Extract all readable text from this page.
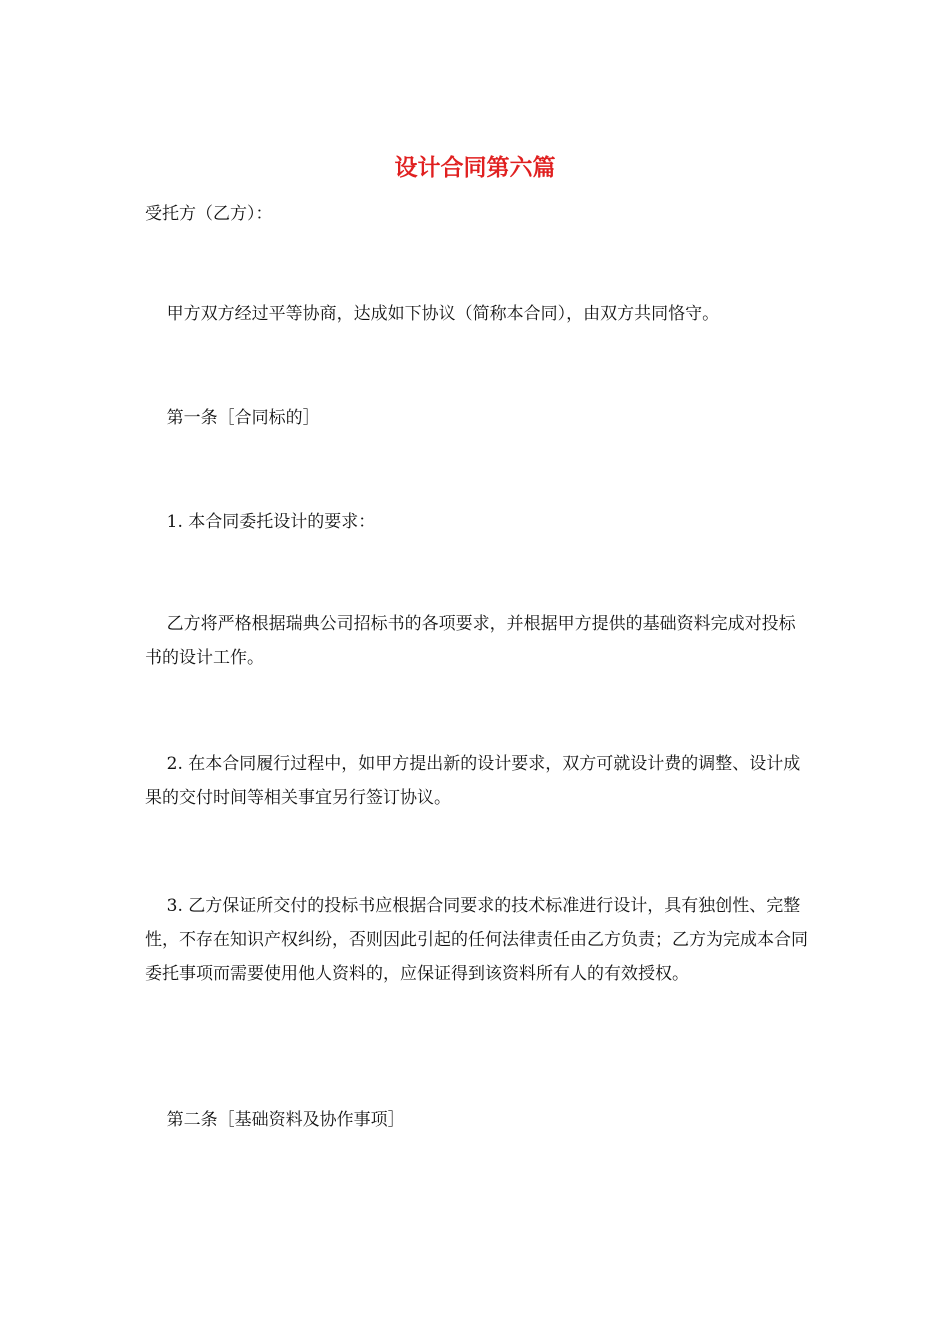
设计合同第六篇
受托方（乙方）：
甲方双方经过平等协商，达成如下协议（简称本合同），由双方共同恪守。
第一条［合同标的］
1. 本合同委托设计的要求：
乙方将严格根据瑞典公司招标书的各项要求，并根据甲方提供的基础资料完成对投标书的设计工作。
2. 在本合同履行过程中，如甲方提出新的设计要求，双方可就设计费的调整、设计成果的交付时间等相关事宜另行签订协议。
3. 乙方保证所交付的投标书应根据合同要求的技术标准进行设计，具有独创性、完整性，不存在知识产权纠纷，否则因此引起的任何法律责任由乙方负责；乙方为完成本合同委托事项而需要使用他人资料的，应保证得到该资料所有人的有效授权。
第二条［基础资料及协作事项］
